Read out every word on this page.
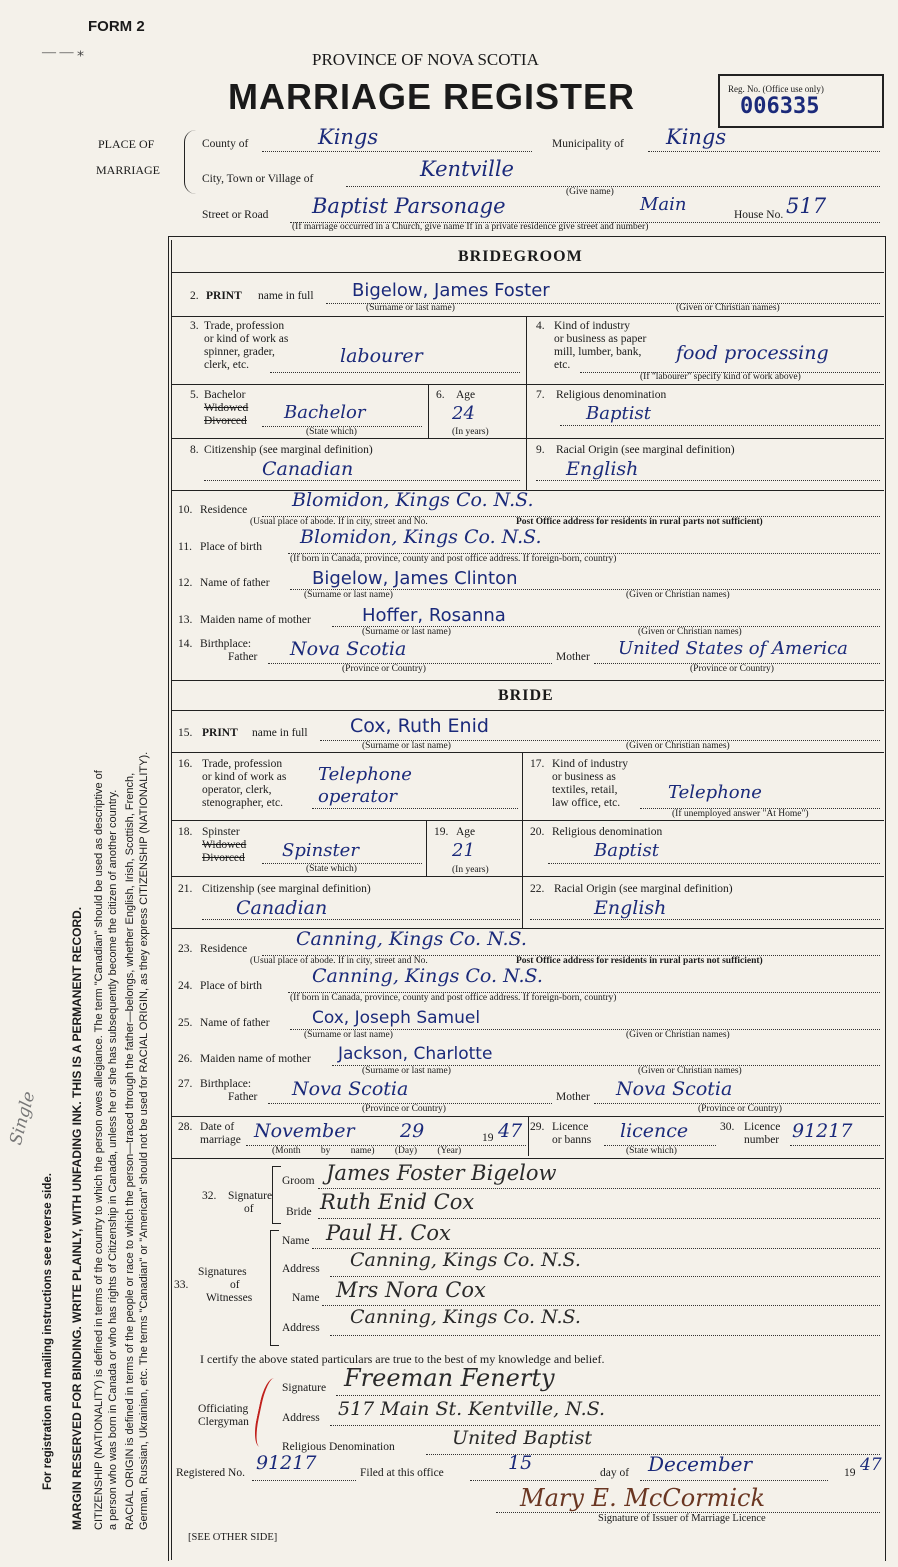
FORM 2
— — ⁎	PROVINCE OF NOVA SCOTIA
MARRIAGE REGISTER	Reg. No. (Office use only)
006335
For registration and mailing instructions see reverse side. MARGIN RESERVED FOR BINDING. WRITE PLAINLY, WITH UNFADING INK. THIS IS A PERMANENT RECORD. CITIZENSHIP (NATIONALITY) is defined in terms of the country to which the person owes allegiance. The term "Canadian" should be used as descriptive of a person who was born in Canada or who has rights of Citizenship in Canada, unless he or she has subsequently become the citizen of another country. RACIAL ORIGIN is defined in terms of the people or race to which the person—traced through the father—belongs, whether English, Irish, Scottish, French, German, Russian, Ukrainian, etc. The terms "Canadian" or "American" should not be used for RACIAL ORIGIN, as they express CITIZENSHIP (NATIONALITY).
Single
PLACE OF
MARRIAGE
County of	Kings	Municipality of Kings
City, Town or Village of	Kentville
(Give name)
Street or Road Baptist Parsonage	Main	House No. 517
(If marriage occurred in a Church, give name If in a private residence give street and number)
BRIDEGROOM
2. PRINT name in full Bigelow, James Foster
(Surname or last name)	(Given or Christian names)
3. Trade, profession
or kind of work as
spinner, grader,
clerk, etc.	labourer
4. Kind of industry
or business as paper
mill, lumber, bank,
etc.
food processing
(If "labourer" specify kind of work above)
5. Bachelor
Widowed
Divorced Bachelor
(State which)
6. Age
24
(In years)
7. Religious denomination
Baptist
8. Citizenship (see marginal definition)
Canadian
9. Racial Origin (see marginal definition)
English
10. Residence Blomidon, Kings Co. N.S.
(Usual place of abode. If in city, street and No.	Post Office address for residents in rural parts not sufficient)
11. Place of birth Blomidon, Kings Co. N.S.
(If born in Canada, province, county and post office address. If foreign-born, country)
12. Name of father Bigelow, James Clinton
(Surname or last name)	(Given or Christian names)
13. Maiden name of mother	Hoffer, Rosanna
(Surname or last name)	(Given or Christian names)
14. Birthplace:
Father Nova Scotia
(Province or Country)
Mother United States of America
(Province or Country)
BRIDE
15. PRINT name in full Cox, Ruth Enid
(Surname or last name)	(Given or Christian names)
16. Trade, profession
or kind of work as
operator, clerk,
stenographer, etc.
Telephone
operator
17. Kind of industry
or business as
textiles, retail,
law office, etc.	Telephone
(If unemployed answer "At Home")
18. Spinster
Widowed
Divorced Spinster
(State which)
19. Age
21
(In years)
20. Religious denomination
Baptist
21. Citizenship (see marginal definition)
Canadian
22. Racial Origin (see marginal definition)
English
23. Residence	Canning, Kings Co. N.S.
(Usual place of abode. If in city, street and No.	Post Office address for residents in rural parts not sufficient)
24. Place of birth	Canning, Kings Co. N.S.
(If born in Canada, province, county and post office address. If foreign-born, country)
25. Name of father Cox, Joseph Samuel
(Surname or last name)	(Given or Christian names)
26. Maiden name of mother Jackson, Charlotte
(Surname or last name)	(Given or Christian names)
27. Birthplace:
Father Nova Scotia
(Province or Country)
Mother Nova Scotia
(Province or Country)
28. Date of
marriage November 29	19 47
(Month by name) (Day) (Year)
29. Licence
or banns licence
(State which)
30. Licence
number 91217
32. Signature
of
Groom James Foster Bigelow
Bride Ruth Enid Cox
33.
Signatures
of
Witnesses
Name Paul H. Cox
Address Canning, Kings Co. N.S.
Name Mrs Nora Cox
Address Canning, Kings Co. N.S.
I certify the above stated particulars are true to the best of my knowledge and belief.
Officiating
Clergyman
Signature Freeman Fenerty
Address 517 Main St. Kentville, N.S.
Religious Denomination	United Baptist
Registered No. 91217	Filed at this office	15	day of December	19 47
Mary E. McCormick
Signature of Issuer of Marriage Licence
[SEE OTHER SIDE]
